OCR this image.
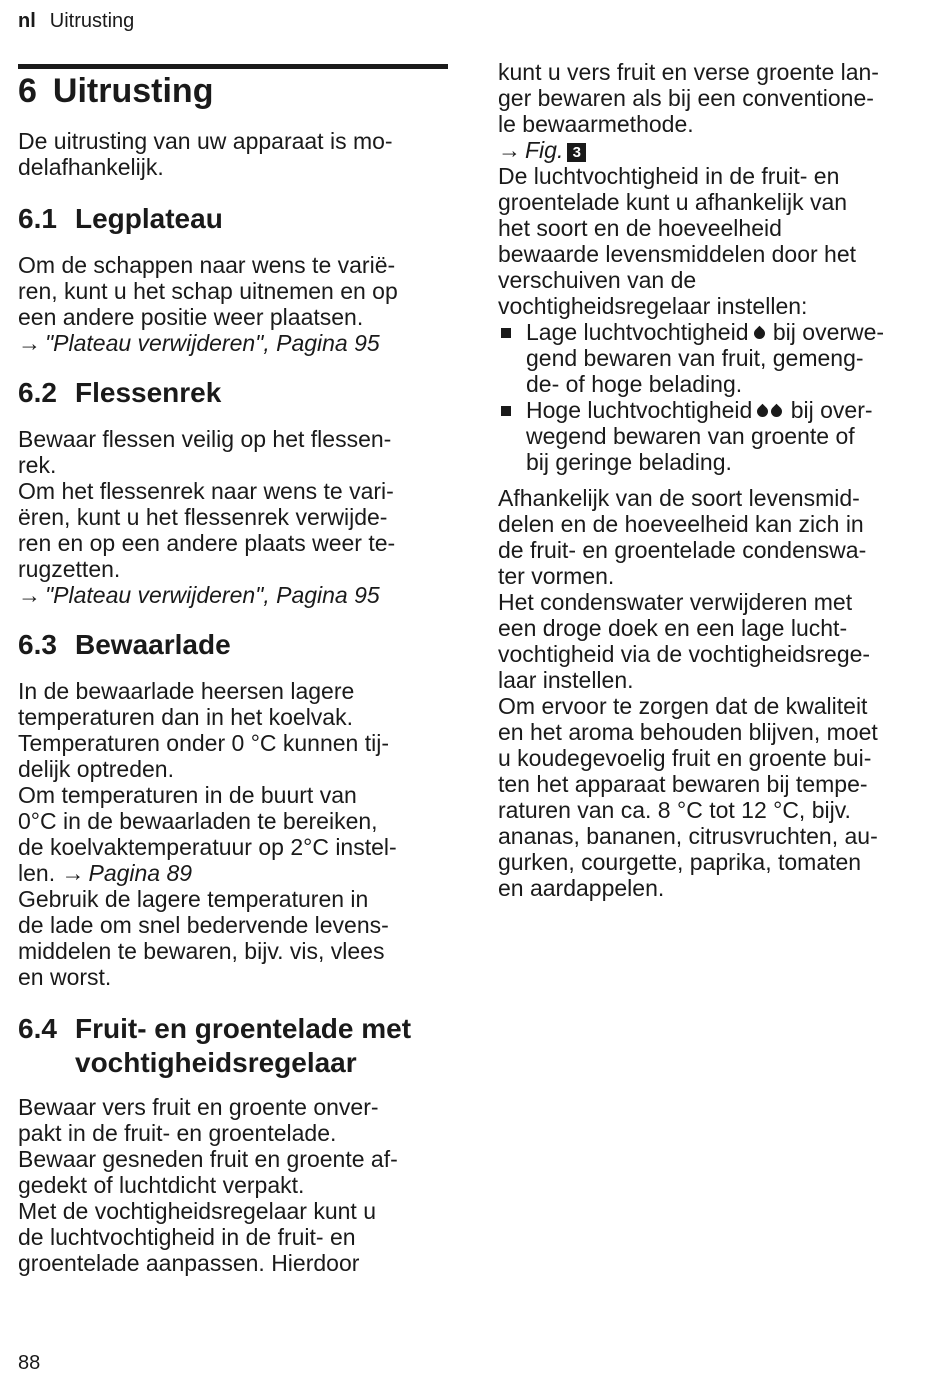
nl Uitrusting
6 Uitrusting

De uitrusting van uw apparaat is mo-

delafhankelijk.

6.1 Legplateau

Om de schappen naar wens te varië-

ren, kunt u het schap uitnemen en op

een andere positie weer plaatsen.

→ "Plateau verwijderen", Pagina 95

6.2 Flessenrek

Bewaar flessen veilig op het flessen-

rek.

Om het flessenrek naar wens te vari-

ëren, kunt u het flessenrek verwijde-

ren en op een andere plaats weer te-

rugzetten.

→ "Plateau verwijderen", Pagina 95

6.3 Bewaarlade

In de bewaarlade heersen lagere

temperaturen dan in het koelvak.

Temperaturen onder 0 °C kunnen tij-

delijk optreden.

Om temperaturen in de buurt van

0°C in de bewaarladen te bereiken,

de koelvaktemperatuur op 2°C instel-

len. → Pagina 89

Gebruik de lagere temperaturen in

de lade om snel bedervende levens-

middelen te bewaren, bijv. vis, vlees

en worst.

6.4 Fruit- en groentelade met
vochtigheidsregelaar

Bewaar vers fruit en groente onver-

pakt in de fruit- en groentelade.

Bewaar gesneden fruit en groente af-

gedekt of luchtdicht verpakt.

Met de vochtigheidsregelaar kunt u

de luchtvochtigheid in de fruit- en

groentelade aanpassen. Hierdoor

kunt u vers fruit en verse groente lan-

ger bewaren als bij een conventione-

le bewaarmethode.

→ Fig. 3

De luchtvochtigheid in de fruit- en

groentelade kunt u afhankelijk van

het soort en de hoeveelheid

bewaarde levensmiddelen door het

verschuiven van de

vochtigheidsregelaar instellen:

Lage luchtvochtigheid bij overwe-
gend bewaren van fruit, gemeng-
de- of hoge belading.
Hoge luchtvochtigheid bij over-
wegend bewaren van groente of
bij geringe belading.

Afhankelijk van de soort levensmid-

delen en de hoeveelheid kan zich in

de fruit- en groentelade condenswa-

ter vormen.

Het condenswater verwijderen met

een droge doek en een lage lucht-

vochtigheid via de vochtigheidsrege-

laar instellen.

Om ervoor te zorgen dat de kwaliteit

en het aroma behouden blijven, moet

u koudegevoelig fruit en groente bui-

ten het apparaat bewaren bij tempe-

raturen van ca. 8 °C tot 12 °C, bijv.

ananas, bananen, citrusvruchten, au-

gurken, courgette, paprika, tomaten

en aardappelen.

88
